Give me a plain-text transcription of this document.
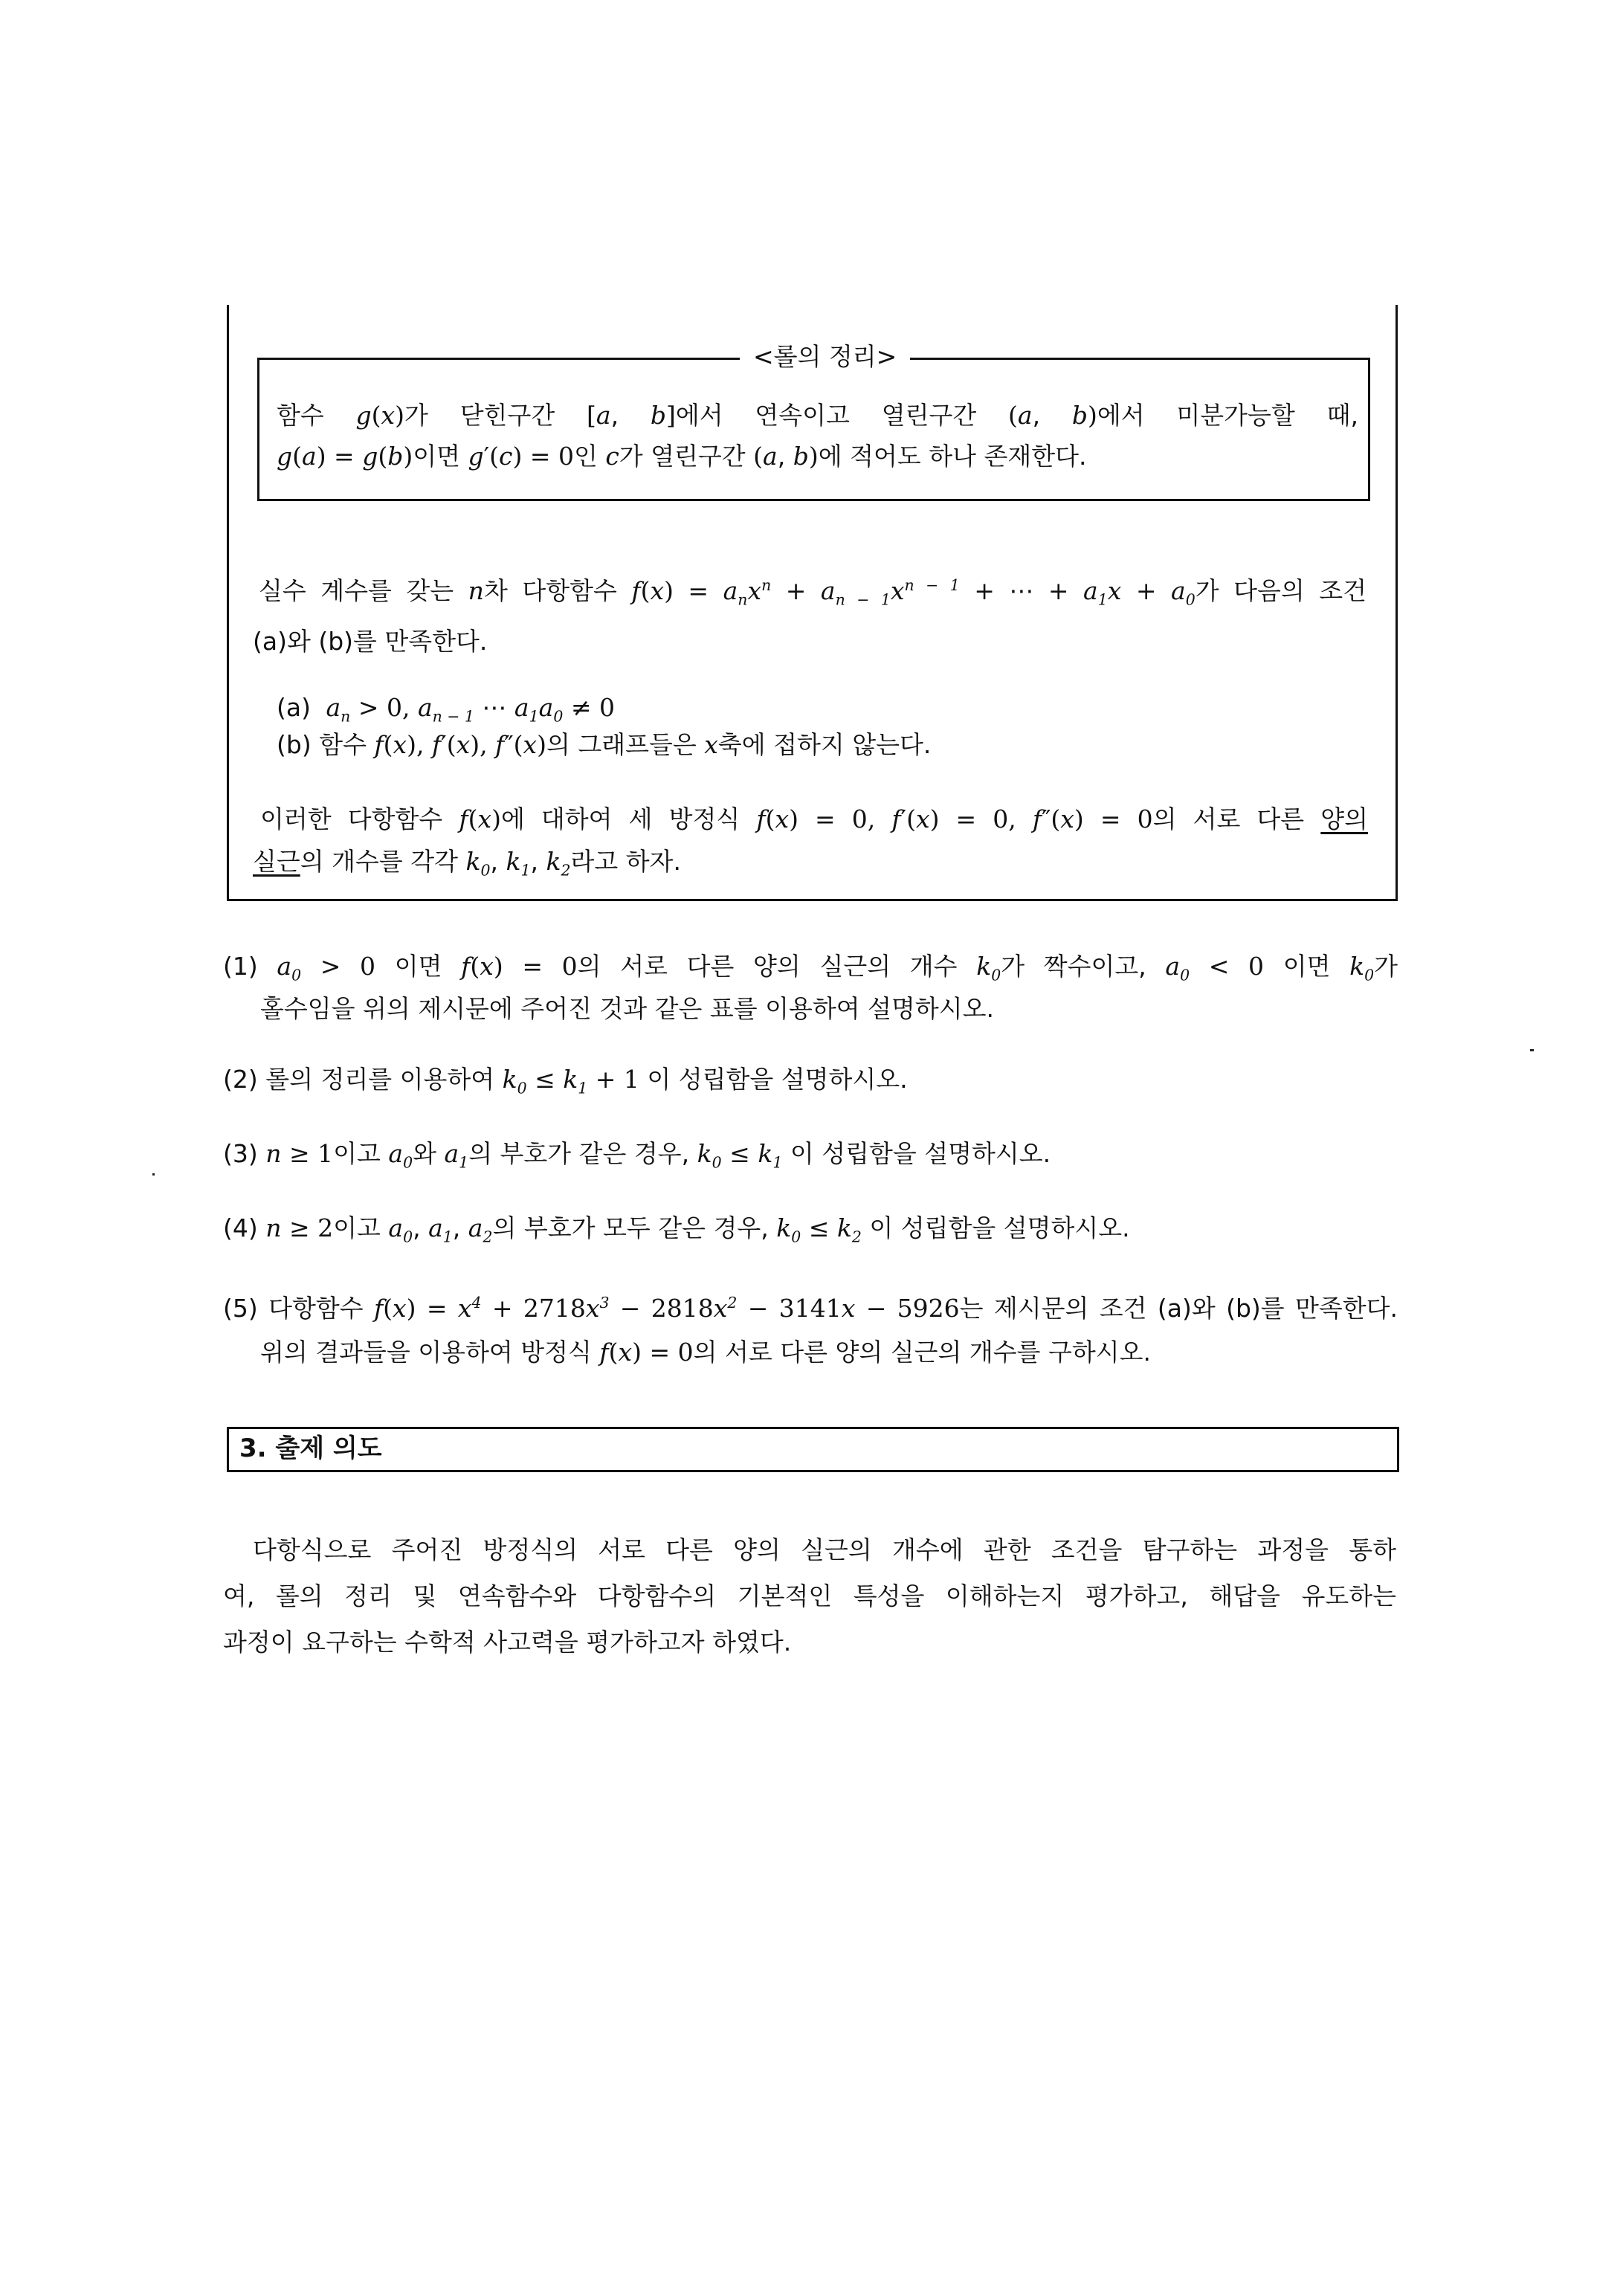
<롤의 정리>
함수 g(x)가 닫힌구간 [a, b]에서 연속이고 열린구간 (a, b)에서 미분가능할 때,
g(a) = g(b)이면 g′(c) = 0인 c가 열린구간 (a, b)에 적어도 하나 존재한다.
실수 계수를 갖는 n차 다항함수 $f(x) = a_nx^n + a_{n - 1}x^{n - 1}$ + ⋯ + $a_1x + a_0$가 다음의 조건
(a)와 (b)를 만족한다.
(a) $a_n > 0$, $a_{n - 1}$ ⋯ $a_1a_0 \ne 0$
(b) 함수 f(x), f′(x), f″(x)의 그래프들은 x축에 접하지 않는다.
이러한 다항함수 f(x)에 대하여 세 방정식 f(x) = 0, f′(x) = 0, f″(x) = 0의 서로 다른 양의
실근의 개수를 각각 $k_0$, $k_1$, $k_2$라고 하자.
(1) $a_0 > 0$ 이면 f(x) = 0의 서로 다른 양의 실근의 개수 $k_0$가 짝수이고, $a_0 < 0$ 이면 $k_0$가
홀수임을 위의 제시문에 주어진 것과 같은 표를 이용하여 설명하시오.
(2) 롤의 정리를 이용하여 $k_0 \le k_1 + 1$ 이 성립함을 설명하시오.
(3) n ≥ 1이고 $a_0$와 $a_1$의 부호가 같은 경우, $k_0 \le k_1$ 이 성립함을 설명하시오.
(4) n ≥ 2이고 $a_0$, $a_1$, $a_2$의 부호가 모두 같은 경우, $k_0 \le k_2$ 이 성립함을 설명하시오.
(5) 다항함수 $f(x) = x^4 + 2718x^3 - 2818x^2 - 3141x - 5926$는 제시문의 조건 (a)와 (b)를 만족한다.
위의 결과들을 이용하여 방정식 f(x) = 0의 서로 다른 양의 실근의 개수를 구하시오.
3. 출제 의도
다항식으로 주어진 방정식의 서로 다른 양의 실근의 개수에 관한 조건을 탐구하는 과정을 통하
여, 롤의 정리 및 연속함수와 다항함수의 기본적인 특성을 이해하는지 평가하고, 해답을 유도하는
과정이 요구하는 수학적 사고력을 평가하고자 하였다.
